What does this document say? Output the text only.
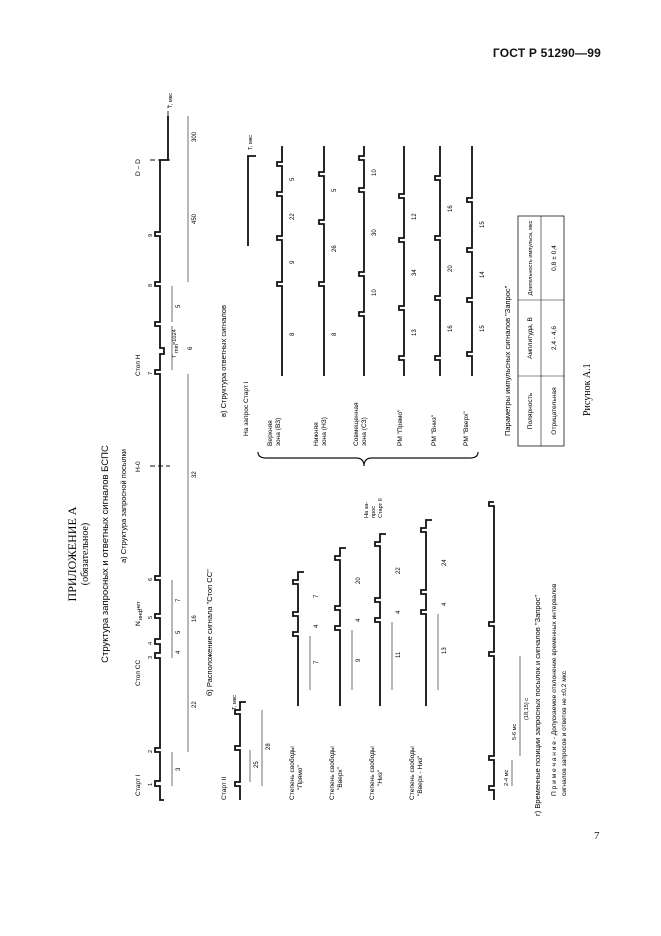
ГОСТ Р 51290—99
7
ПРИЛОЖЕНИЕ А (обязательное) Структура запросных и ответных сигналов БСПС а) Структура запросной посылки
Старт I
Стоп СС
N
инф
нет
Н-0
Стоп Н
D – D
Т, мкс
Т
min
=1024
1
2
3
4
5
6
7
8
9
3
22
4
5
7
16
32
6
5
450
300
б) Расположение сигнала "Стоп СС"
Старт II
Т, мкс
25
28	Степень свободы "Прямо"
7
4
7
Степень свободы "Вверх"
9
4
20
Степень свободы "Низ"
11
4
22
Степень свободы "Вверх - Низ"
13
4
24
На за- прос Старт II
в) Структура ответных сигналов На запрос Старт I
Т, мкс
Верхняя зона (ВЗ)
8
9
22
5
Нижняя зона (НЗ)
8
26
5
Совмещенная зона (СЗ)
10
30
10
РМ "Прямо"
13
34
12
РМ "Вниз"
16
20
16
РМ "Вверх"
15
14
15
2-4 мс
5-6 мс
(18,15) с г) Временные позиции запросных посылок и сигналов "Запрос" П р и м е ч а н и е - Допускаемое отклонение временных интервалов сигналов запросов и ответов не ±0,2 мкс
Параметры импульсных сигналов "Запрос" Полярность
Амплитуда, В
Длительность импульса, мкс
Отрицательная
2,4 - 4,6
0,8 ± 0,4
Рисунок А.1
